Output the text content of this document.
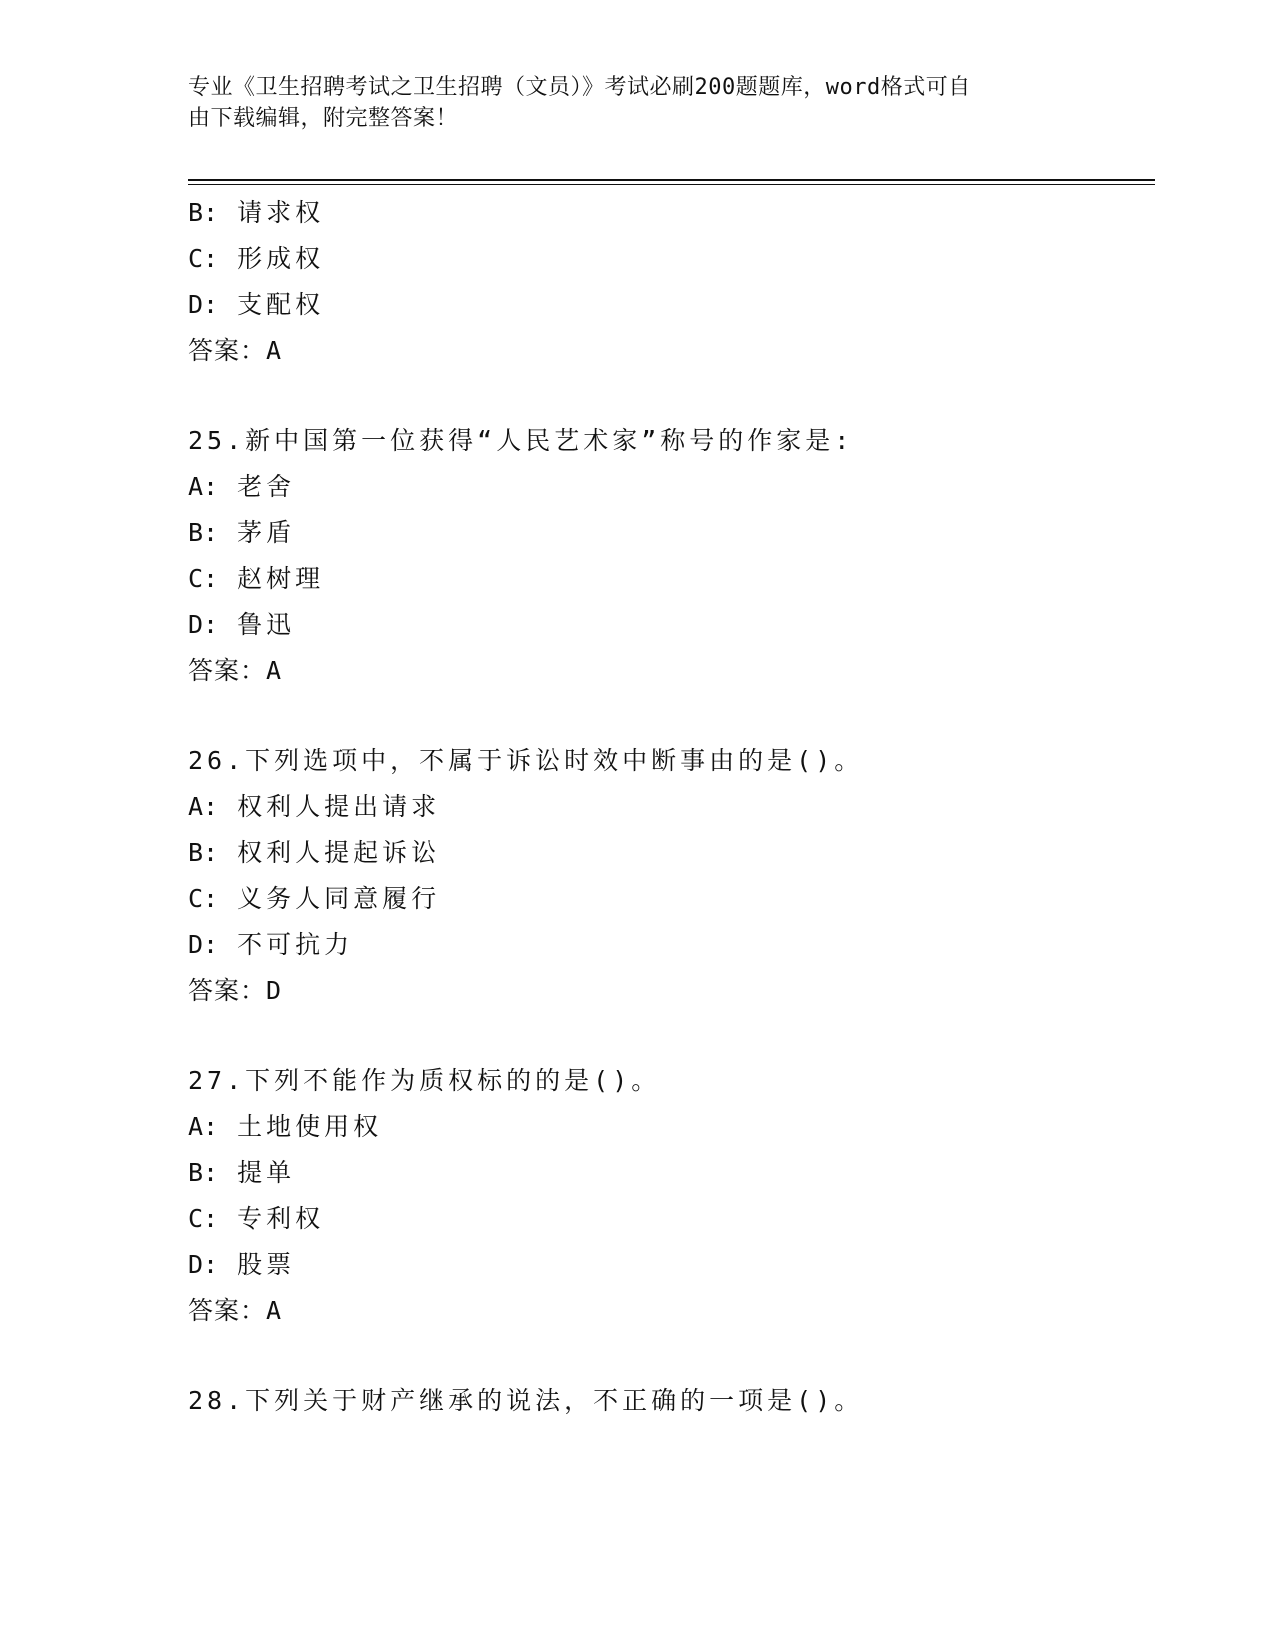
专业《卫生招聘考试之卫生招聘（文员）》考试必刷200题题库，word格式可自
由下载编辑，附完整答案！
B: 请求权
C: 形成权
D: 支配权
答案：A
25.新中国第一位获得“人民艺术家”称号的作家是:
A: 老舍
B: 茅盾
C: 赵树理
D: 鲁迅
答案：A
26.下列选项中，不属于诉讼时效中断事由的是()。
A: 权利人提出请求
B: 权利人提起诉讼
C: 义务人同意履行
D: 不可抗力
答案：D
27.下列不能作为质权标的的是()。
A: 土地使用权
B: 提单
C: 专利权
D: 股票
答案：A
28.下列关于财产继承的说法，不正确的一项是()。
